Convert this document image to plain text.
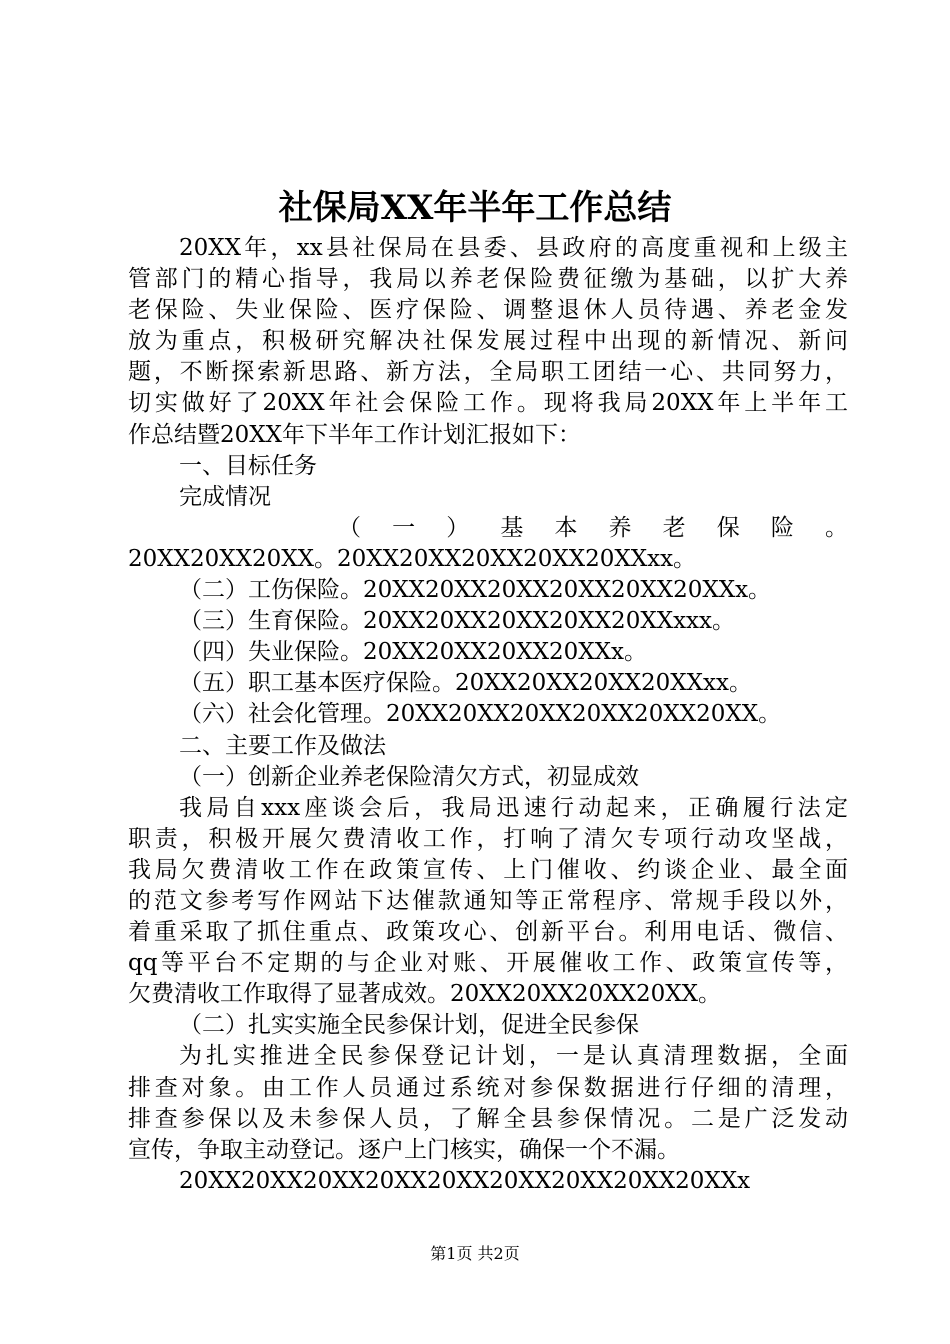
社保局XX年半年工作总结
20XX年，xx县社保局在县委、县政府的高度重视和上级主
管部门的精心指导，我局以养老保险费征缴为基础，以扩大养
老保险、失业保险、医疗保险、调整退休人员待遇、养老金发
放为重点，积极研究解决社保发展过程中出现的新情况、新问
题，不断探索新思路、新方法，全局职工团结一心、共同努力，
切实做好了20XX年社会保险工作。现将我局20XX年上半年工
作总结暨20XX年下半年工作计划汇报如下：
一、目标任务
完成情况
（一）基本养老保险。
20XX20XX20XX。20XX20XX20XX20XX20XXxx。
（二）工伤保险。20XX20XX20XX20XX20XX20XXx。
（三）生育保险。20XX20XX20XX20XX20XXxxx。
（四）失业保险。20XX20XX20XX20XXx。
（五）职工基本医疗保险。20XX20XX20XX20XXxx。
（六）社会化管理。20XX20XX20XX20XX20XX20XX。
二、主要工作及做法
（一）创新企业养老保险清欠方式，初显成效
我局自xxx座谈会后，我局迅速行动起来，正确履行法定
职责，积极开展欠费清收工作，打响了清欠专项行动攻坚战，
我局欠费清收工作在政策宣传、上门催收、约谈企业、最全面
的范文参考写作网站下达催款通知等正常程序、常规手段以外，
着重采取了抓住重点、政策攻心、创新平台。利用电话、微信、
qq等平台不定期的与企业对账、开展催收工作、政策宣传等，
欠费清收工作取得了显著成效。20XX20XX20XX20XX。
（二）扎实实施全民参保计划，促进全民参保
为扎实推进全民参保登记计划，一是认真清理数据，全面
排查对象。由工作人员通过系统对参保数据进行仔细的清理，
排查参保以及未参保人员，了解全县参保情况。二是广泛发动
宣传，争取主动登记。逐户上门核实，确保一个不漏。
20XX20XX20XX20XX20XX20XX20XX20XX20XXx
第1页 共2页
